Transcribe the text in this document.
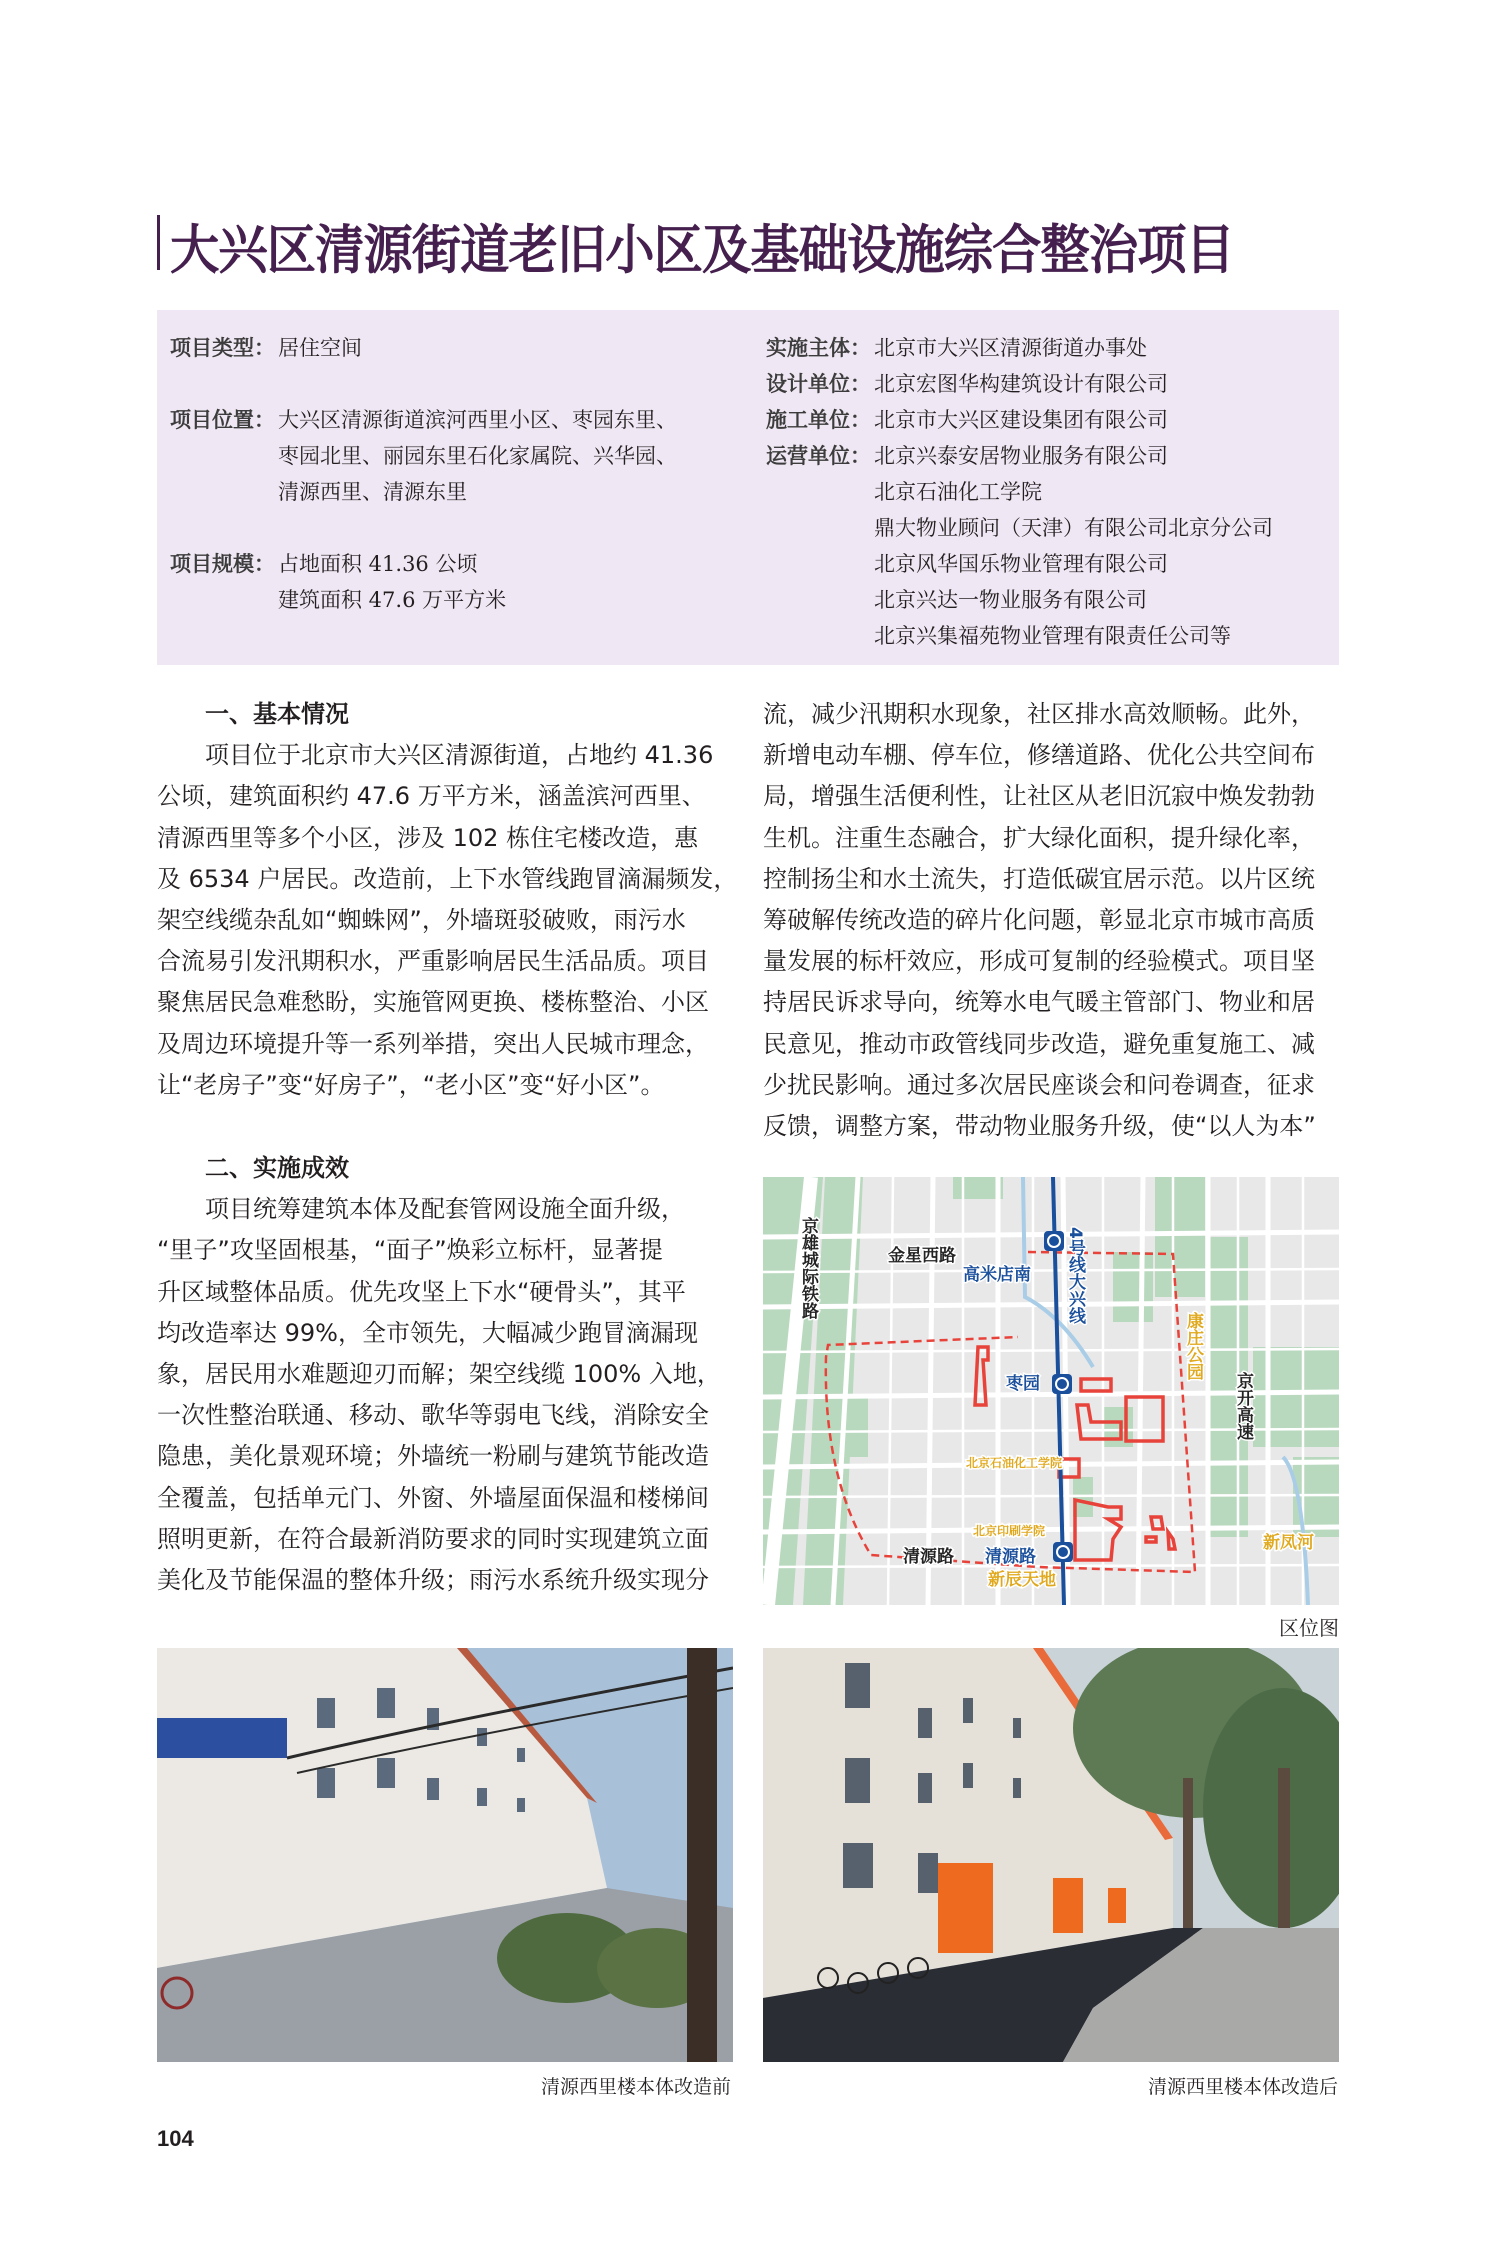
大兴区清源街道老旧小区及基础设施综合整治项目
项目类型： 居住空间
项目位置： 大兴区清源街道滨河西里小区、枣园东里、
枣园北里、丽园东里石化家属院、兴华园、
清源西里、清源东里
项目规模： 占地面积 41.36 公顷
建筑面积 47.6 万平方米
实施主体： 北京市大兴区清源街道办事处
设计单位： 北京宏图华构建筑设计有限公司
施工单位： 北京市大兴区建设集团有限公司
运营单位： 北京兴泰安居物业服务有限公司
北京石油化工学院
鼎大物业顾问（天津）有限公司北京分公司
北京风华国乐物业管理有限公司
北京兴达一物业服务有限公司
北京兴集福苑物业管理有限责任公司等
一、基本情况
项目位于北京市大兴区清源街道，占地约 41.36
公顷，建筑面积约 47.6 万平方米，涵盖滨河西里、
清源西里等多个小区，涉及 102 栋住宅楼改造，惠
及 6534 户居民。改造前，上下水管线跑冒滴漏频发，
架空线缆杂乱如“蜘蛛网”，外墙斑驳破败，雨污水
合流易引发汛期积水，严重影响居民生活品质。项目
聚焦居民急难愁盼，实施管网更换、楼栋整治、小区
及周边环境提升等一系列举措，突出人民城市理念，
让“老房子”变“好房子”，“老小区”变“好小区”。
二、实施成效
项目统筹建筑本体及配套管网设施全面升级，
“里子”攻坚固根基，“面子”焕彩立标杆，显著提
升区域整体品质。优先攻坚上下水“硬骨头”，其平
均改造率达 99%，全市领先，大幅减少跑冒滴漏现
象，居民用水难题迎刃而解；架空线缆 100% 入地，
一次性整治联通、移动、歌华等弱电飞线，消除安全
隐患，美化景观环境；外墙统一粉刷与建筑节能改造
全覆盖，包括单元门、外窗、外墙屋面保温和楼梯间
照明更新，在符合最新消防要求的同时实现建筑立面
美化及节能保温的整体升级；雨污水系统升级实现分
流，减少汛期积水现象，社区排水高效顺畅。此外，
新增电动车棚、停车位，修缮道路、优化公共空间布
局，增强生活便利性，让社区从老旧沉寂中焕发勃勃
生机。注重生态融合，扩大绿化面积，提升绿化率，
控制扬尘和水土流失，打造低碳宜居示范。以片区统
筹破解传统改造的碎片化问题，彰显北京市城市高质
量发展的标杆效应，形成可复制的经验模式。项目坚
持居民诉求导向，统筹水电气暖主管部门、物业和居
民意见，推动市政管线同步改造，避免重复施工、减
少扰民影响。通过多次居民座谈会和问卷调查，征求
反馈，调整方案，带动物业服务升级，使“以人为本”
京雄城际铁路	金星西路	4号线大兴线
高米店南
枣园
康庄公园
京开高速
清源路 清源路
新辰天地
新凤河
北京石油化工学院
北京印刷学院
区位图
清源西里楼本体改造前	清源西里楼本体改造后
104
